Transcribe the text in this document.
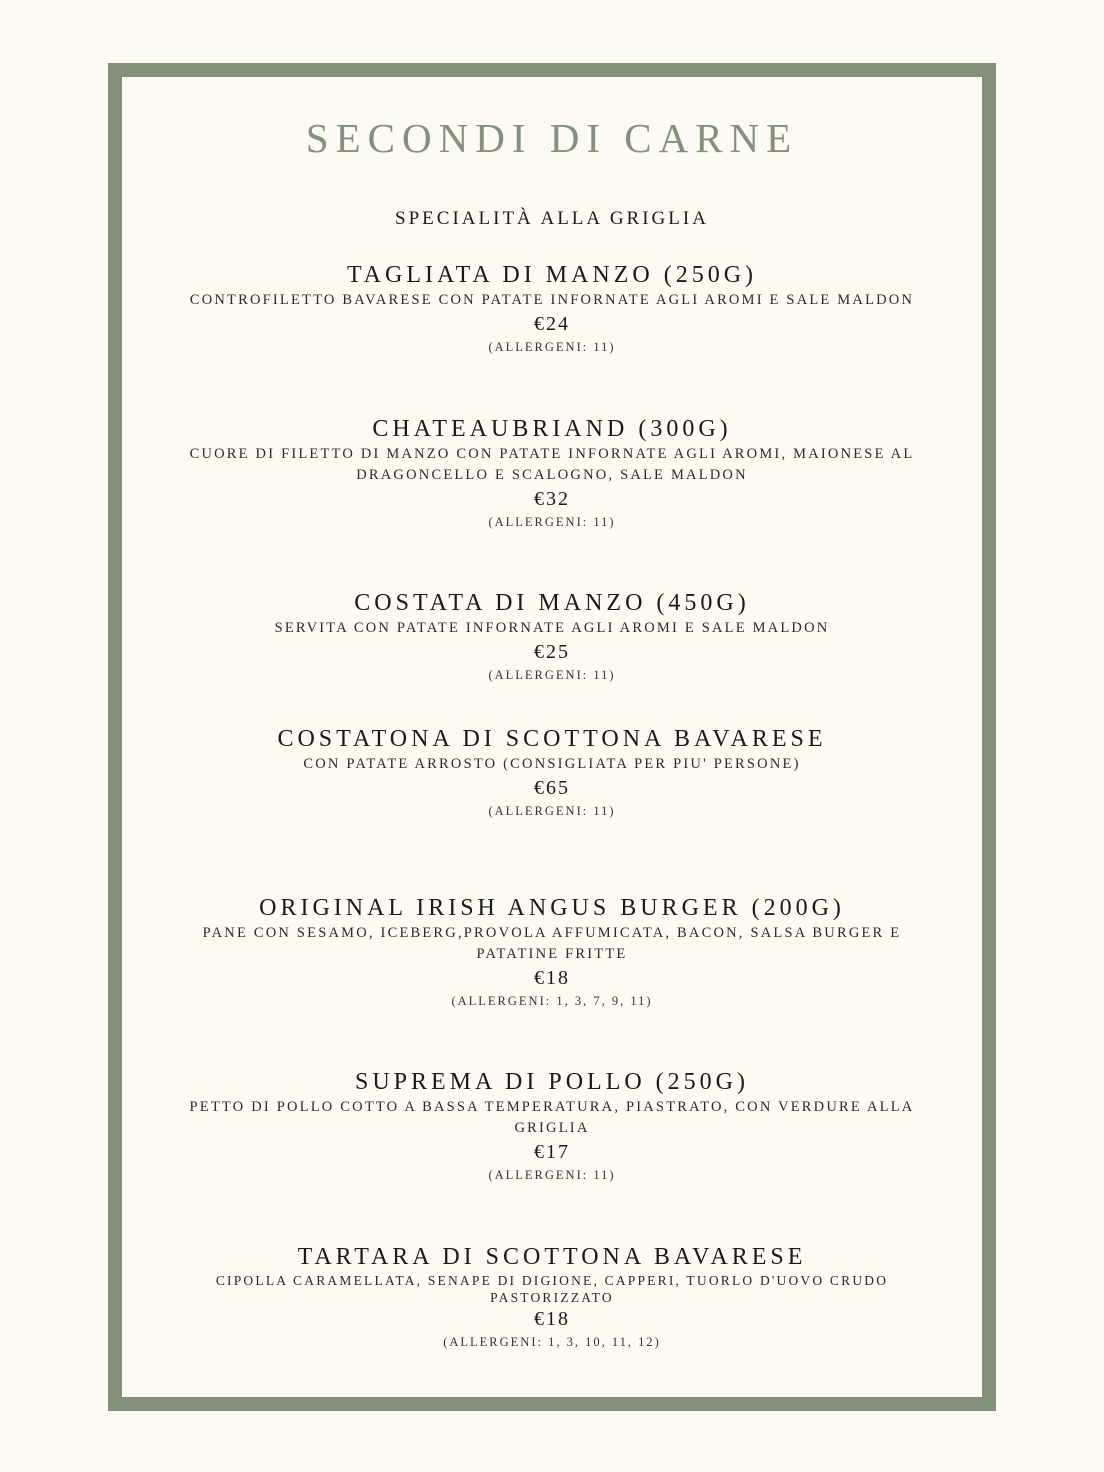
SECONDI DI CARNE
SPECIALITÀ ALLA GRIGLIA

TAGLIATA DI MANZO (250G)

CONTROFILETTO BAVARESE CON PATATE INFORNATE AGLI AROMI E SALE MALDON

€24

(ALLERGENI: 11)

CHATEAUBRIAND (300G)

CUORE DI FILETTO DI MANZO CON PATATE INFORNATE AGLI AROMI, MAIONESE AL DRAGONCELLO E SCALOGNO, SALE MALDON

€32

(ALLERGENI: 11)

COSTATA DI MANZO (450G)

SERVITA CON PATATE INFORNATE AGLI AROMI E SALE MALDON

€25

(ALLERGENI: 11)

COSTATONA DI SCOTTONA BAVARESE

CON PATATE ARROSTO (CONSIGLIATA PER PIU' PERSONE)

€65

(ALLERGENI: 11)

ORIGINAL IRISH ANGUS BURGER (200G)

PANE CON SESAMO, ICEBERG,PROVOLA AFFUMICATA, BACON, SALSA BURGER E PATATINE FRITTE

€18

(ALLERGENI: 1, 3, 7, 9, 11)

SUPREMA DI POLLO (250G)

PETTO DI POLLO COTTO A BASSA TEMPERATURA, PIASTRATO, CON VERDURE ALLA GRIGLIA

€17

(ALLERGENI: 11)

TARTARA DI SCOTTONA BAVARESE

CIPOLLA CARAMELLATA, SENAPE DI DIGIONE, CAPPERI, TUORLO D'UOVO CRUDO PASTORIZZATO

€18

(ALLERGENI: 1, 3, 10, 11, 12)
